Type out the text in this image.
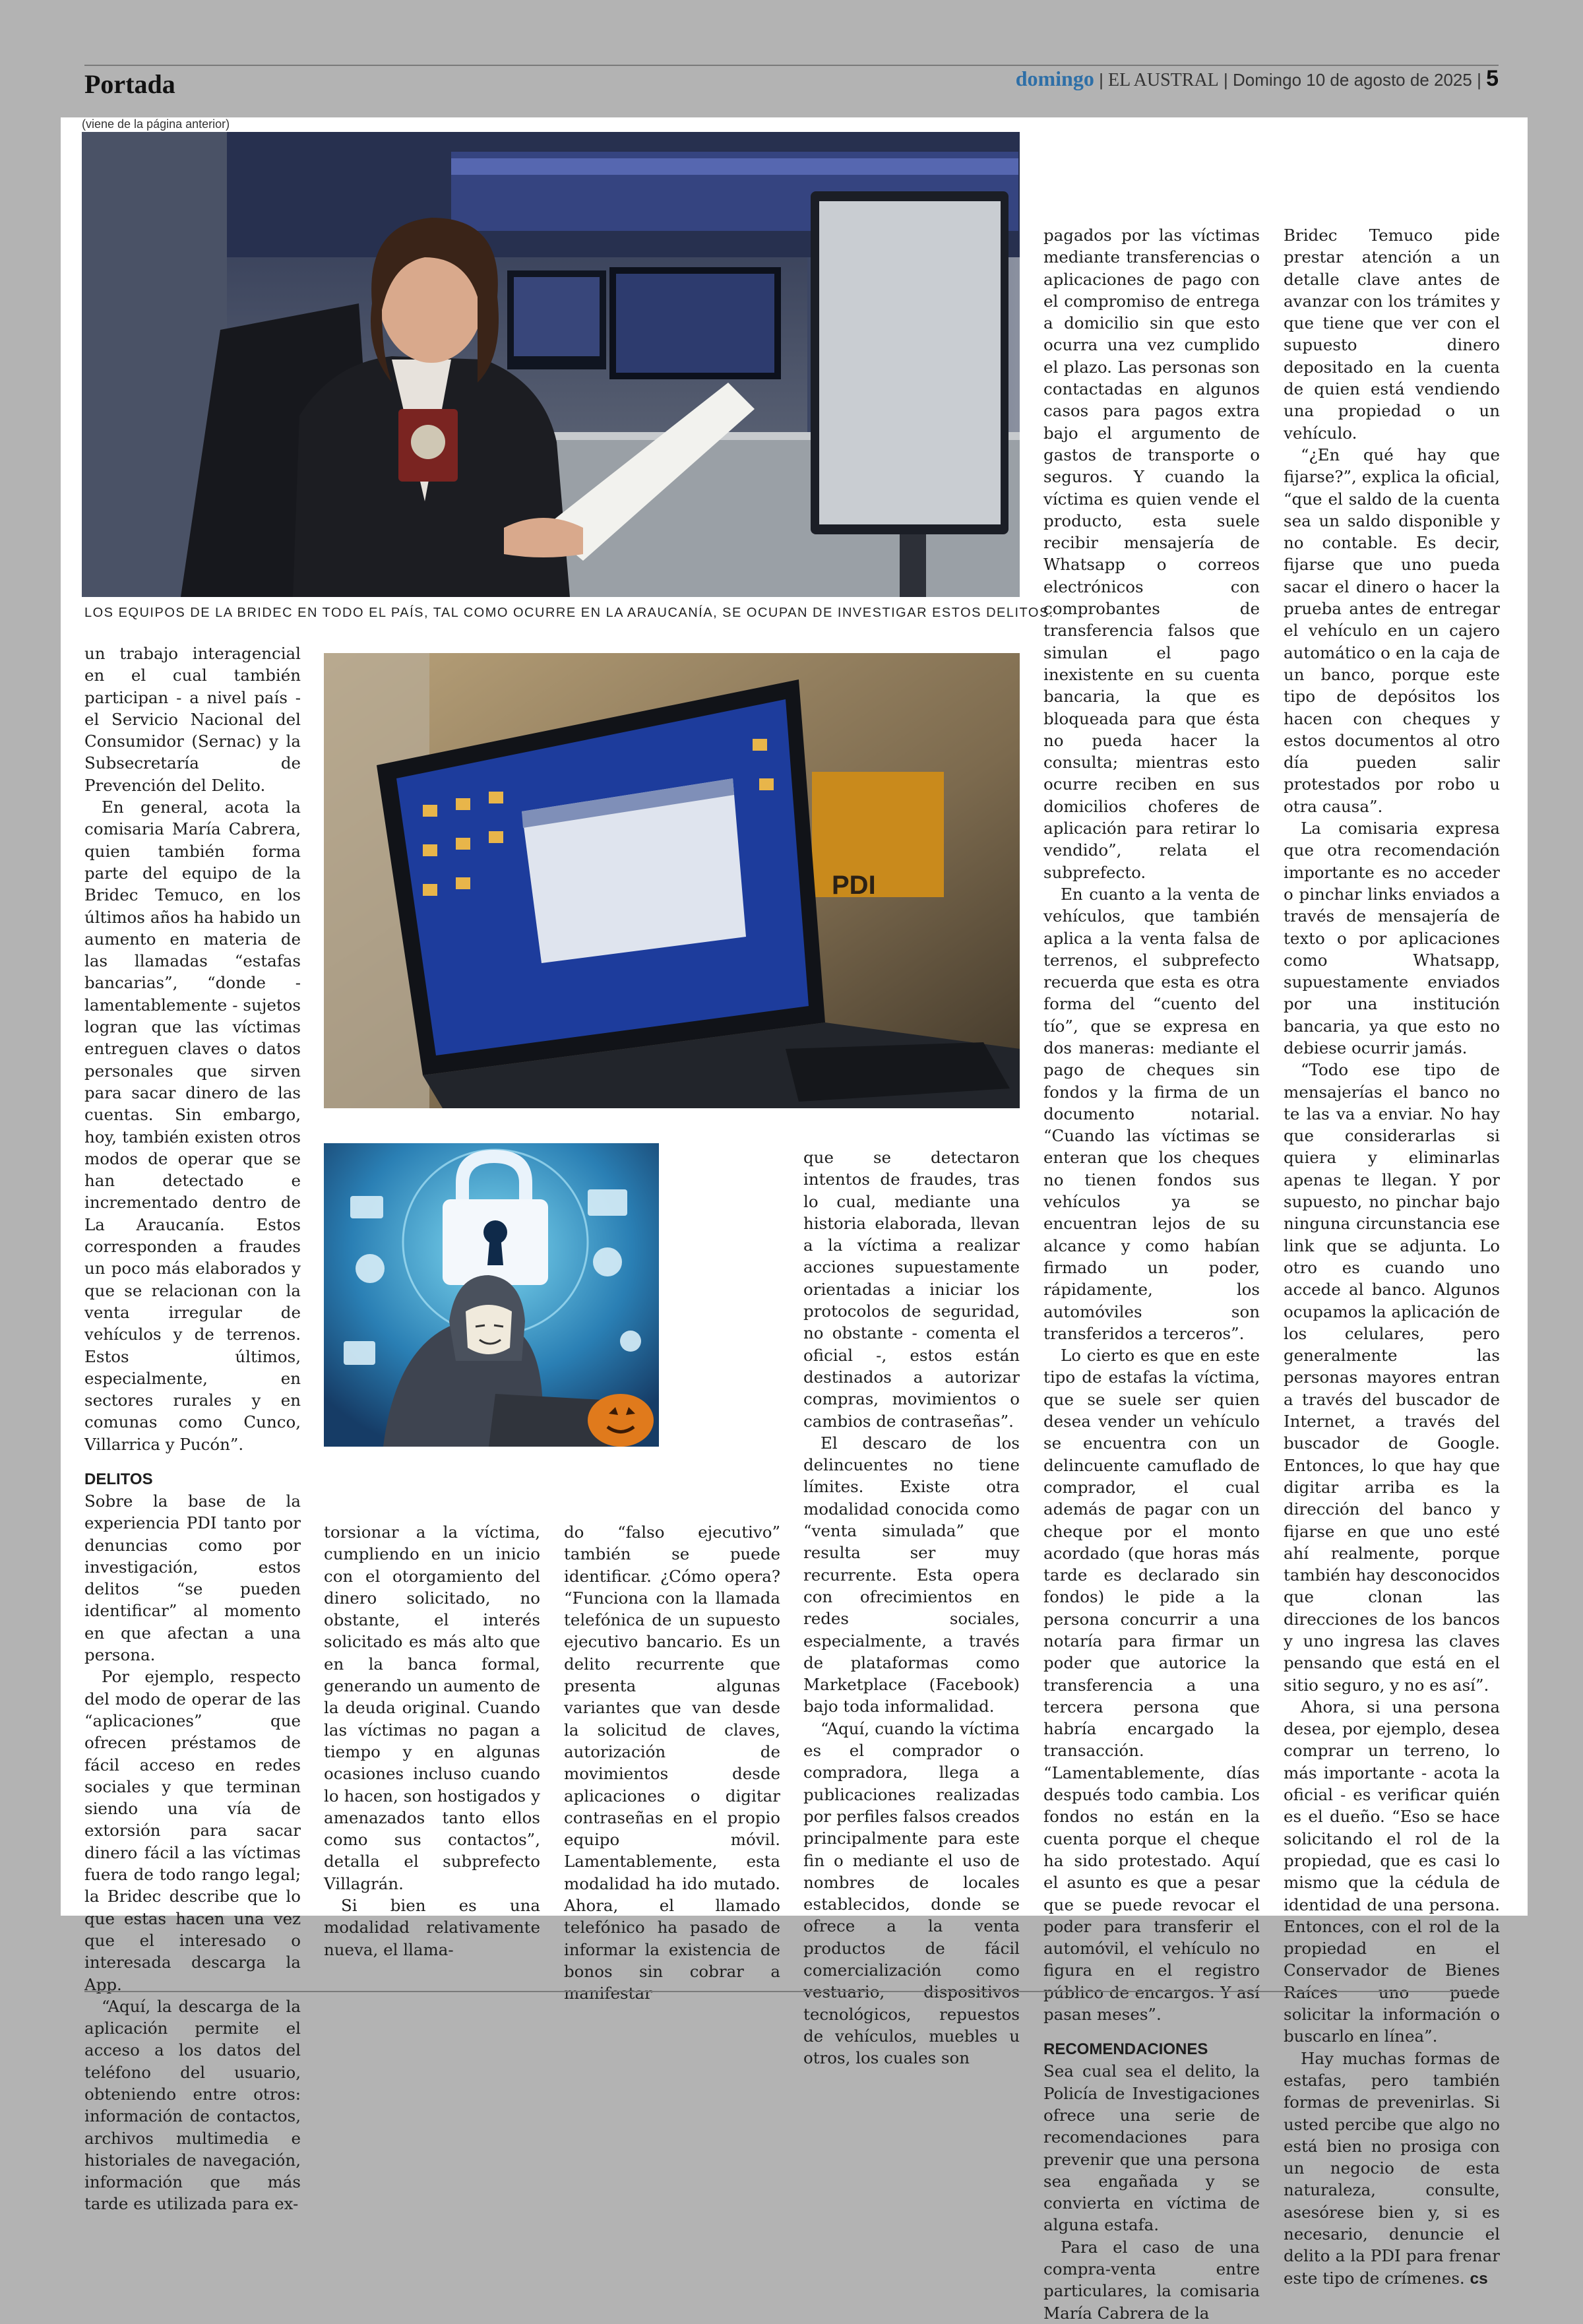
Portada	domingo | EL AUSTRAL | Domingo 10 de agosto de 2025 | 5
(viene de la página anterior)
LOS EQUIPOS DE LA BRIDEC EN TODO EL PAÍS, TAL COMO OCURRE EN LA ARAUCANÍA, SE OCUPAN DE INVESTIGAR ESTOS DELITOS.
PDI

un trabajo interagencial en el cual también participan - a nivel país - el Servicio Nacional del Consumidor (Sernac) y la Subsecretaría de Prevención del Delito.

En general, acota la comisaria María Cabrera, quien también forma parte del equipo de la Bridec Temuco, en los últimos años ha habido un aumento en materia de las llamadas “estafas bancarias”, “donde - lamentablemente - sujetos logran que las víctimas entreguen claves o datos personales que sirven para sacar dinero de las cuentas. Sin embargo, hoy, también existen otros modos de operar que se han detectado e incrementado dentro de La Araucanía. Estos corresponden a fraudes un poco más elaborados y que se relacionan con la venta irregular de vehículos y de terrenos. Estos últimos, especialmente, en sectores rurales y en comunas como Cunco, Villarrica y Pucón”.

DELITOS

Sobre la base de la experiencia PDI tanto por denuncias como por investigación, estos delitos “se pueden identificar” al momento en que afectan a una persona.

Por ejemplo, respecto del modo de operar de las “aplicaciones” que ofrecen préstamos de fácil acceso en redes sociales y que terminan siendo una vía de extorsión para sacar dinero fácil a las víctimas fuera de todo rango legal; la Bridec describe que lo que estas hacen una vez que el interesado o interesada descarga la App.

“Aquí, la descarga de la aplicación permite el acceso a los datos del teléfono del usuario, obteniendo entre otros: información de contactos, archivos multimedia e historiales de navegación, información que más tarde es utilizada para ex-

torsionar a la víctima, cumpliendo en un inicio con el otorgamiento del dinero solicitado, no obstante, el interés solicitado es más alto que en la banca formal, generando un aumento de la deuda original. Cuando las víctimas no pagan a tiempo y en algunas ocasiones incluso cuando lo hacen, son hostigados y amenazados tanto ellos como sus contactos”, detalla el subprefecto Villagrán.

Si bien es una modalidad relativamente nueva, el llama-

do “falso ejecutivo” también se puede identificar. ¿Cómo opera? “Funciona con la llamada telefónica de un supuesto ejecutivo bancario. Es un delito recurrente que presenta algunas variantes que van desde la solicitud de claves, autorización de movimientos desde aplicaciones o digitar contraseñas en el propio equipo móvil. Lamentablemente, esta modalidad ha ido mutado. Ahora, el llamado telefónico ha pasado de informar la existencia de bonos sin cobrar a manifestar

que se detectaron intentos de fraudes, tras lo cual, mediante una historia elaborada, llevan a la víctima a realizar acciones supuestamente orientadas a iniciar los protocolos de seguridad, no obstante - comenta el oficial -, estos están destinados a autorizar compras, movimientos o cambios de contraseñas”.

El descaro de los delincuentes no tiene límites. Existe otra modalidad conocida como “venta simulada” que resulta ser muy recurrente. Esta opera con ofrecimientos en redes sociales, especialmente, a través de plataformas como Marketplace (Facebook) bajo toda informalidad.

“Aquí, cuando la víctima es el comprador o compradora, llega a publicaciones realizadas por perfiles falsos creados principalmente para este fin o mediante el uso de nombres de locales establecidos, donde se ofrece a la venta productos de fácil comercialización como vestuario, dispositivos tecnológicos, repuestos de vehículos, muebles u otros, los cuales son

pagados por las víctimas mediante transferencias o aplicaciones de pago con el compromiso de entrega a domicilio sin que esto ocurra una vez cumplido el plazo. Las personas son contactadas en algunos casos para pagos extra bajo el argumento de gastos de transporte o seguros. Y cuando la víctima es quien vende el producto, esta suele recibir mensajería de Whatsapp o correos electrónicos con comprobantes de transferencia falsos que simulan el pago inexistente en su cuenta bancaria, la que es bloqueada para que ésta no pueda hacer la consulta; mientras esto ocurre reciben en sus domicilios choferes de aplicación para retirar lo vendido”, relata el subprefecto.

En cuanto a la venta de vehículos, que también aplica a la venta falsa de terrenos, el subprefecto recuerda que esta es otra forma del “cuento del tío”, que se expresa en dos maneras: mediante el pago de cheques sin fondos y la firma de un documento notarial. “Cuando las víctimas se enteran que los cheques no tienen fondos sus vehículos ya se encuentran lejos de su alcance y como habían firmado un poder, rápidamente, los automóviles son transferidos a terceros”.

Lo cierto es que en este tipo de estafas la víctima, que se suele ser quien desea vender un vehículo se encuentra con un delincuente camuflado de comprador, el cual además de pagar con un cheque por el monto acordado (que horas más tarde es declarado sin fondos) le pide a la persona concurrir a una notaría para firmar un poder que autorice la transferencia a una tercera persona que habría encargado la transacción. “Lamentablemente, días después todo cambia. Los fondos no están en la cuenta porque el cheque ha sido protestado. Aquí el asunto es que a pesar que se puede revocar el poder para transferir el automóvil, el vehículo no figura en el registro público de encargos. Y así pasan meses”.

RECOMENDACIONES

Sea cual sea el delito, la Policía de Investigaciones ofrece una serie de recomendaciones para prevenir que una persona sea engañada y se convierta en víctima de alguna estafa.

Para el caso de una compra-venta entre particulares, la comisaria María Cabrera de la

Bridec Temuco pide prestar atención a un detalle clave antes de avanzar con los trámites y que tiene que ver con el supuesto dinero depositado en la cuenta de quien está vendiendo una propiedad o un vehículo.

“¿En qué hay que fijarse?”, explica la oficial, “que el saldo de la cuenta sea un saldo disponible y no contable. Es decir, fijarse que uno pueda sacar el dinero o hacer la prueba antes de entregar el vehículo en un cajero automático o en la caja de un banco, porque este tipo de depósitos los hacen con cheques y estos documentos al otro día pueden salir protestados por robo u otra causa”.

La comisaria expresa que otra recomendación importante es no acceder o pinchar links enviados a través de mensajería de texto o por aplicaciones como Whatsapp, supuestamente enviados por una institución bancaria, ya que esto no debiese ocurrir jamás.

“Todo ese tipo de mensajerías el banco no te las va a enviar. No hay que considerarlas si quiera y eliminarlas apenas te llegan. Y por supuesto, no pinchar bajo ninguna circunstancia ese link que se adjunta. Lo otro es cuando uno accede al banco. Algunos ocupamos la aplicación de los celulares, pero generalmente las personas mayores entran a través del buscador de Internet, a través del buscador de Google. Entonces, lo que hay que digitar arriba es la dirección del banco y fijarse en que uno esté ahí realmente, porque también hay desconocidos que clonan las direcciones de los bancos y uno ingresa las claves pensando que está en el sitio seguro, y no es así”.

Ahora, si una persona desea, por ejemplo, desea comprar un terreno, lo más importante - acota la oficial - es verificar quién es el dueño. “Eso se hace solicitando el rol de la propiedad, que es casi lo mismo que la cédula de identidad de una persona. Entonces, con el rol de la propiedad en el Conservador de Bienes Raíces uno puede solicitar la información o buscarlo en línea”.

Hay muchas formas de estafas, pero también formas de prevenirlas. Si usted percibe que algo no está bien no prosiga con un negocio de esta naturaleza, consulte, asesórese bien y, si es necesario, denuncie el delito a la PDI para frenar este tipo de crímenes. cs
